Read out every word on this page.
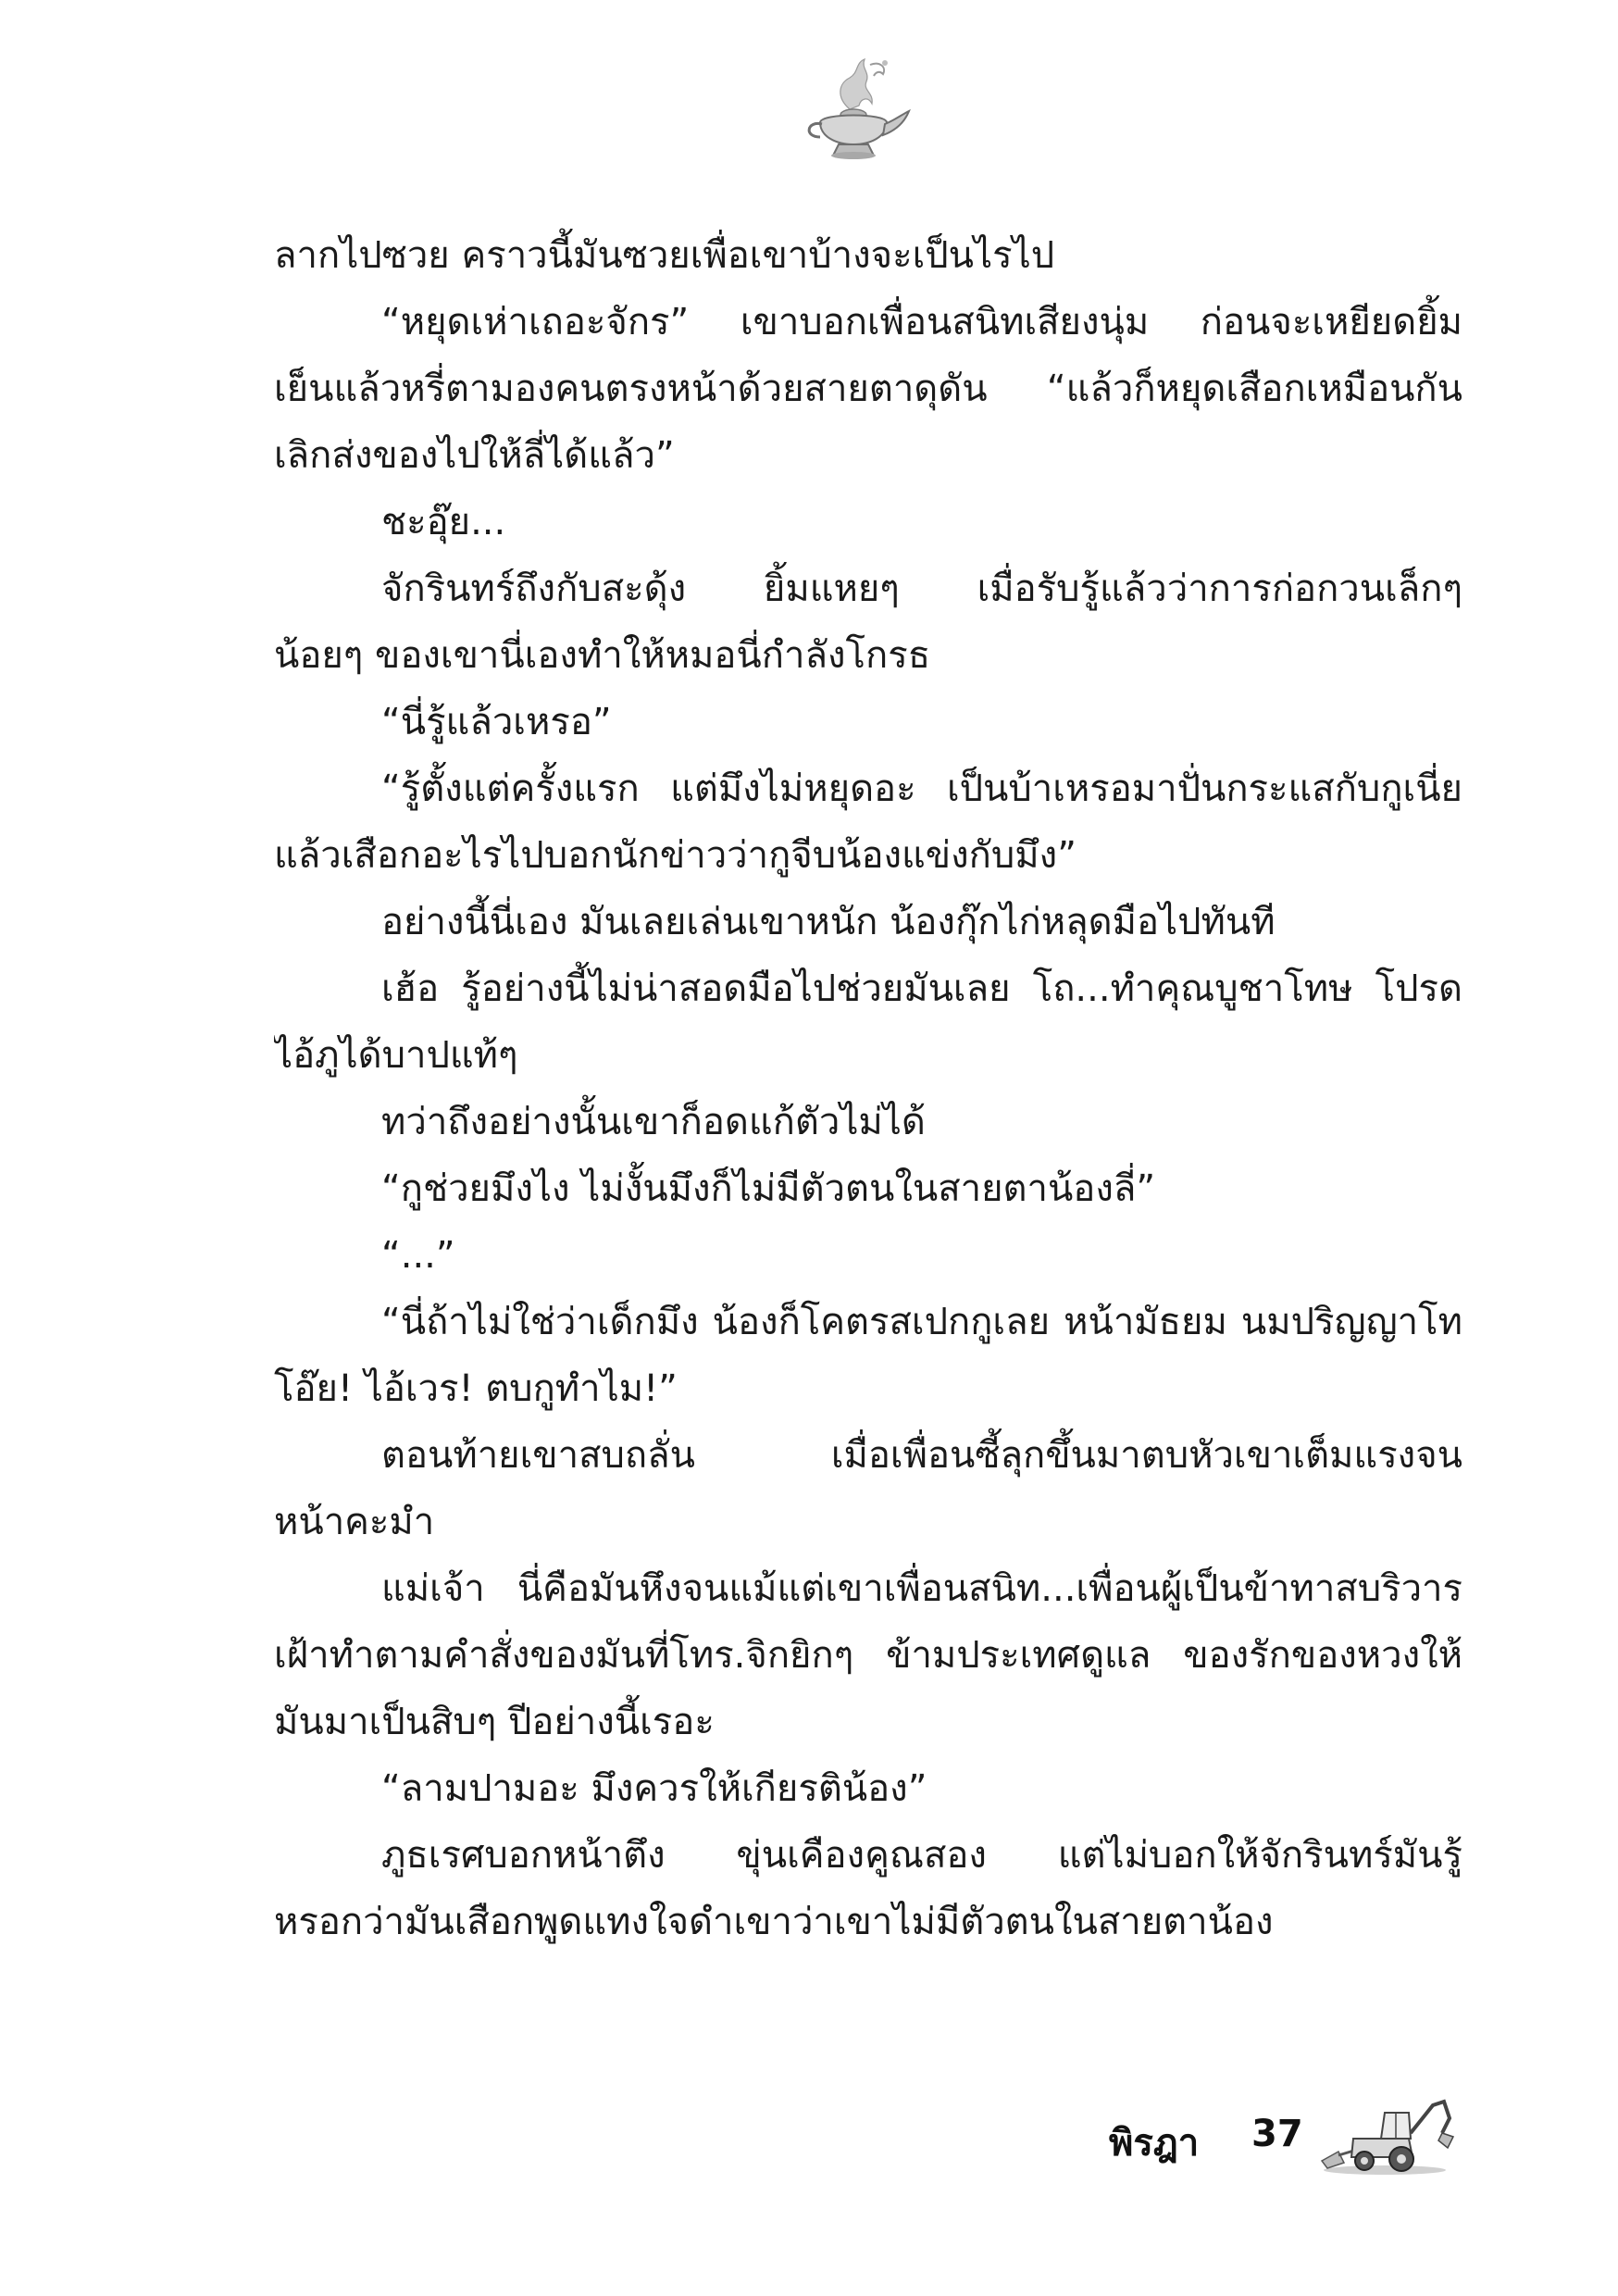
ลากไปซวย คราวนี้มันซวยเพื่อเขาบ้างจะเป็นไรไป
“หยุดเห่าเถอะจักร” เขาบอกเพื่อนสนิทเสียงนุ่ม ก่อนจะเหยียดยิ้ม
เย็นแล้วหรี่ตามองคนตรงหน้าด้วยสายตาดุดัน “แล้วก็หยุดเสือกเหมือนกัน
เลิกส่งของไปให้ลี่ได้แล้ว”
ชะอุ๊ย...
จักรินทร์ถึงกับสะดุ้ง ยิ้มแหยๆ เมื่อรับรู้แล้วว่าการก่อกวนเล็กๆ
น้อยๆ ของเขานี่เองทำให้หมอนี่กำลังโกรธ
“นี่รู้แล้วเหรอ”
“รู้ตั้งแต่ครั้งแรก แต่มึงไม่หยุดอะ เป็นบ้าเหรอมาปั่นกระแสกับกูเนี่ย
แล้วเสือกอะไรไปบอกนักข่าวว่ากูจีบน้องแข่งกับมึง”
อย่างนี้นี่เอง มันเลยเล่นเขาหนัก น้องกุ๊กไก่หลุดมือไปทันที
เฮ้อ รู้อย่างนี้ไม่น่าสอดมือไปช่วยมันเลย โถ...ทำคุณบูชาโทษ โปรด
ไอ้ภูได้บาปแท้ๆ
ทว่าถึงอย่างนั้นเขาก็อดแก้ตัวไม่ได้
“กูช่วยมึงไง ไม่งั้นมึงก็ไม่มีตัวตนในสายตาน้องลี่”
“...”
“นี่ถ้าไม่ใช่ว่าเด็กมึง น้องก็โคตรสเปกกูเลย หน้ามัธยม นมปริญญาโท
โอ๊ย! ไอ้เวร! ตบกูทำไม!”
ตอนท้ายเขาสบถลั่น เมื่อเพื่อนซี้ลุกขึ้นมาตบหัวเขาเต็มแรงจน
หน้าคะมำ
แม่เจ้า นี่คือมันหึงจนแม้แต่เขาเพื่อนสนิท...เพื่อนผู้เป็นข้าทาสบริวาร
เฝ้าทำตามคำสั่งของมันที่โทร.จิกยิกๆ ข้ามประเทศดูแล ของรักของหวงให้
มันมาเป็นสิบๆ ปีอย่างนี้เรอะ
“ลามปามอะ มึงควรให้เกียรติน้อง”
ภูธเรศบอกหน้าตึง ขุ่นเคืองคูณสอง แต่ไม่บอกให้จักรินทร์มันรู้
หรอกว่ามันเสือกพูดแทงใจดำเขาว่าเขาไม่มีตัวตนในสายตาน้อง
พิรฎา 37
